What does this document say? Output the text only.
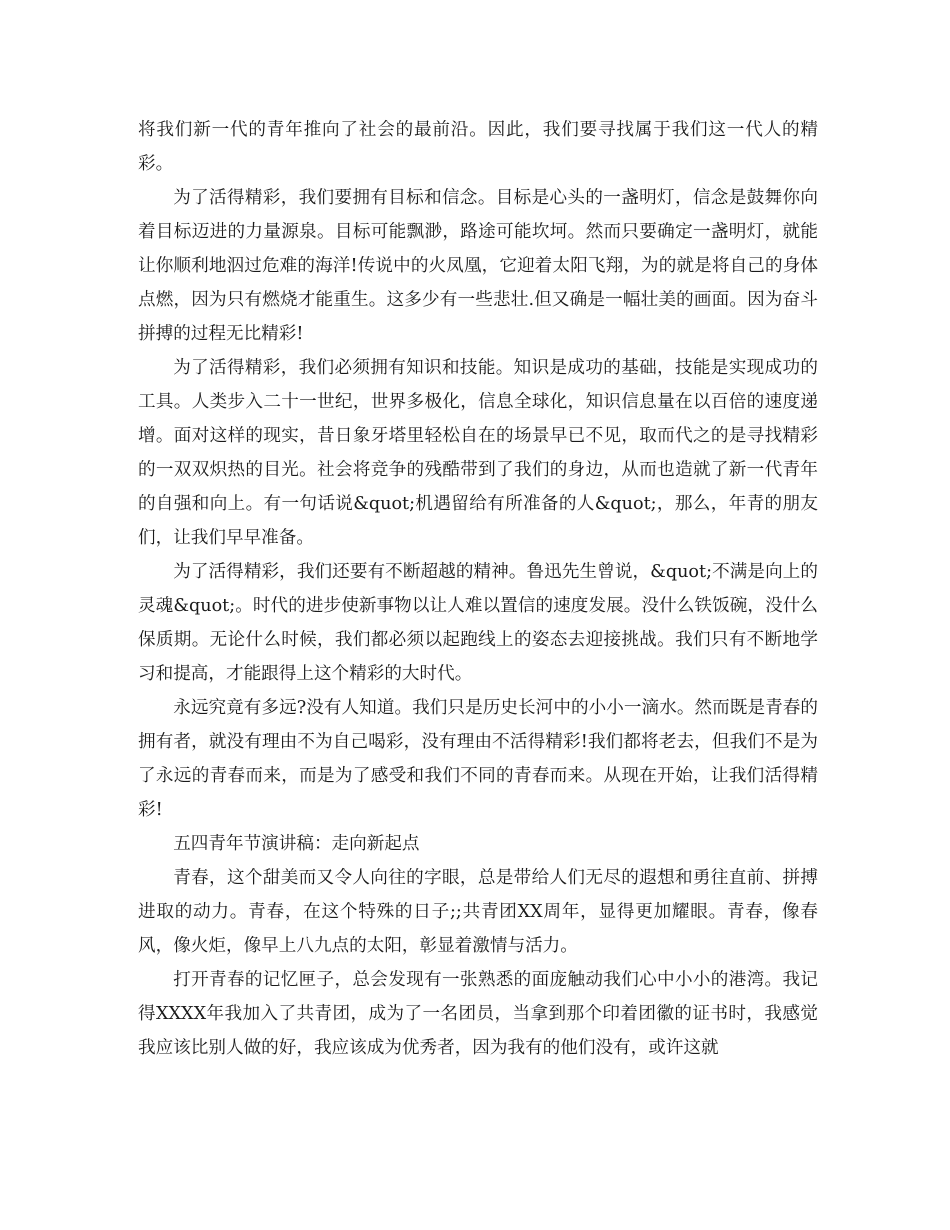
将我们新一代的青年推向了社会的最前沿。因此，我们要寻找属于我们这一代人的精彩。

为了活得精彩，我们要拥有目标和信念。目标是心头的一盏明灯，信念是鼓舞你向着目标迈进的力量源泉。目标可能飘渺，路途可能坎坷。然而只要确定一盏明灯，就能让你顺利地泅过危难的海洋!传说中的火凤凰，它迎着太阳飞翔，为的就是将自己的身体点燃，因为只有燃烧才能重生。这多少有一些悲壮.但又确是一幅壮美的画面。因为奋斗拼搏的过程无比精彩!

为了活得精彩，我们必须拥有知识和技能。知识是成功的基础，技能是实现成功的工具。人类步入二十一世纪，世界多极化，信息全球化，知识信息量在以百倍的速度递增。面对这样的现实，昔日象牙塔里轻松自在的场景早已不见，取而代之的是寻找精彩的一双双炽热的目光。社会将竞争的残酷带到了我们的身边，从而也造就了新一代青年的自强和向上。有一句话说&quot;机遇留给有所准备的人&quot;，那么，年青的朋友们，让我们早早准备。

为了活得精彩，我们还要有不断超越的精神。鲁迅先生曾说，&quot;不满是向上的灵魂&quot;。时代的进步使新事物以让人难以置信的速度发展。没什么铁饭碗，没什么保质期。无论什么时候，我们都必须以起跑线上的姿态去迎接挑战。我们只有不断地学习和提高，才能跟得上这个精彩的大时代。

永远究竟有多远?没有人知道。我们只是历史长河中的小小一滴水。然而既是青春的拥有者，就没有理由不为自己喝彩，没有理由不活得精彩!我们都将老去，但我们不是为了永远的青春而来，而是为了感受和我们不同的青春而来。从现在开始，让我们活得精彩!

五四青年节演讲稿：走向新起点

青春，这个甜美而又令人向往的字眼，总是带给人们无尽的遐想和勇往直前、拼搏进取的动力。青春，在这个特殊的日子;;共青团XX周年，显得更加耀眼。青春，像春风，像火炬，像早上八九点的太阳，彰显着激情与活力。

打开青春的记忆匣子，总会发现有一张熟悉的面庞触动我们心中小小的港湾。我记得XXXX年我加入了共青团，成为了一名团员，当拿到那个印着团徽的证书时，我感觉我应该比别人做的好，我应该成为优秀者，因为我有的他们没有，或许这就
